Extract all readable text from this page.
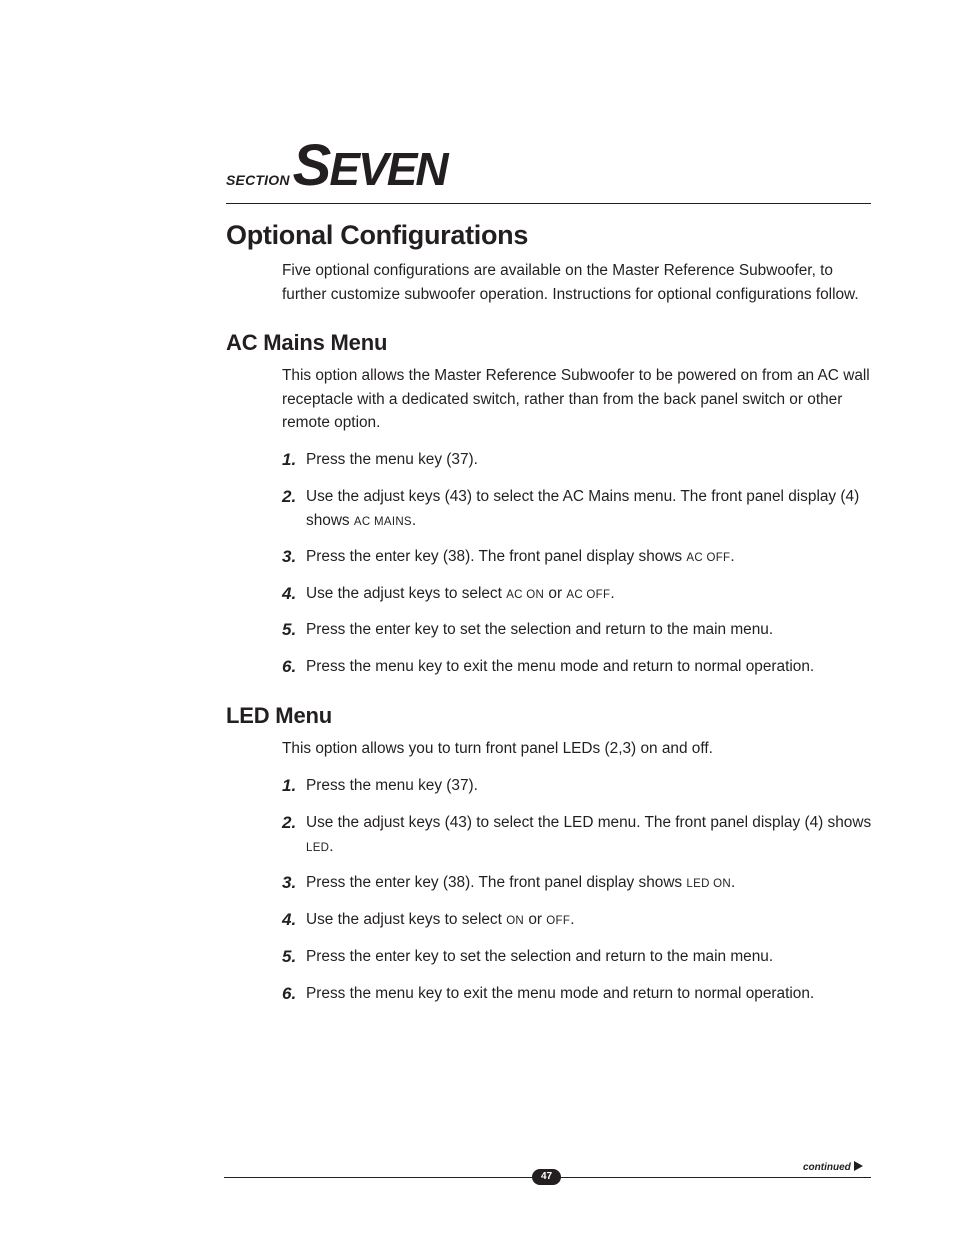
SECTIONSEVEN
Optional Configurations

Five optional configurations are available on the Master Reference Subwoofer, to further customize subwoofer operation. Instructions for optional configurations follow.

AC Mains Menu

This option allows the Master Reference Subwoofer to be powered on from an AC wall receptacle with a dedicated switch, rather than from the back panel switch or other remote option.

1. Press the menu key (37).
2. Use the adjust keys (43) to select the AC Mains menu. The front panel display (4) shows AC MAINS.
3. Press the enter key (38). The front panel display shows AC OFF.
4. Use the adjust keys to select AC ON or AC OFF.
5. Press the enter key to set the selection and return to the main menu.
6. Press the menu key to exit the menu mode and return to normal operation.
LED Menu

This option allows you to turn front panel LEDs (2,3) on and off.

1. Press the menu key (37).
2. Use the adjust keys (43) to select the LED menu. The front panel display (4) shows LED.
3. Press the enter key (38). The front panel display shows LED ON.
4. Use the adjust keys to select ON or OFF.
5. Press the enter key to set the selection and return to the main menu.
6. Press the menu key to exit the menu mode and return to normal operation.
continued
47
